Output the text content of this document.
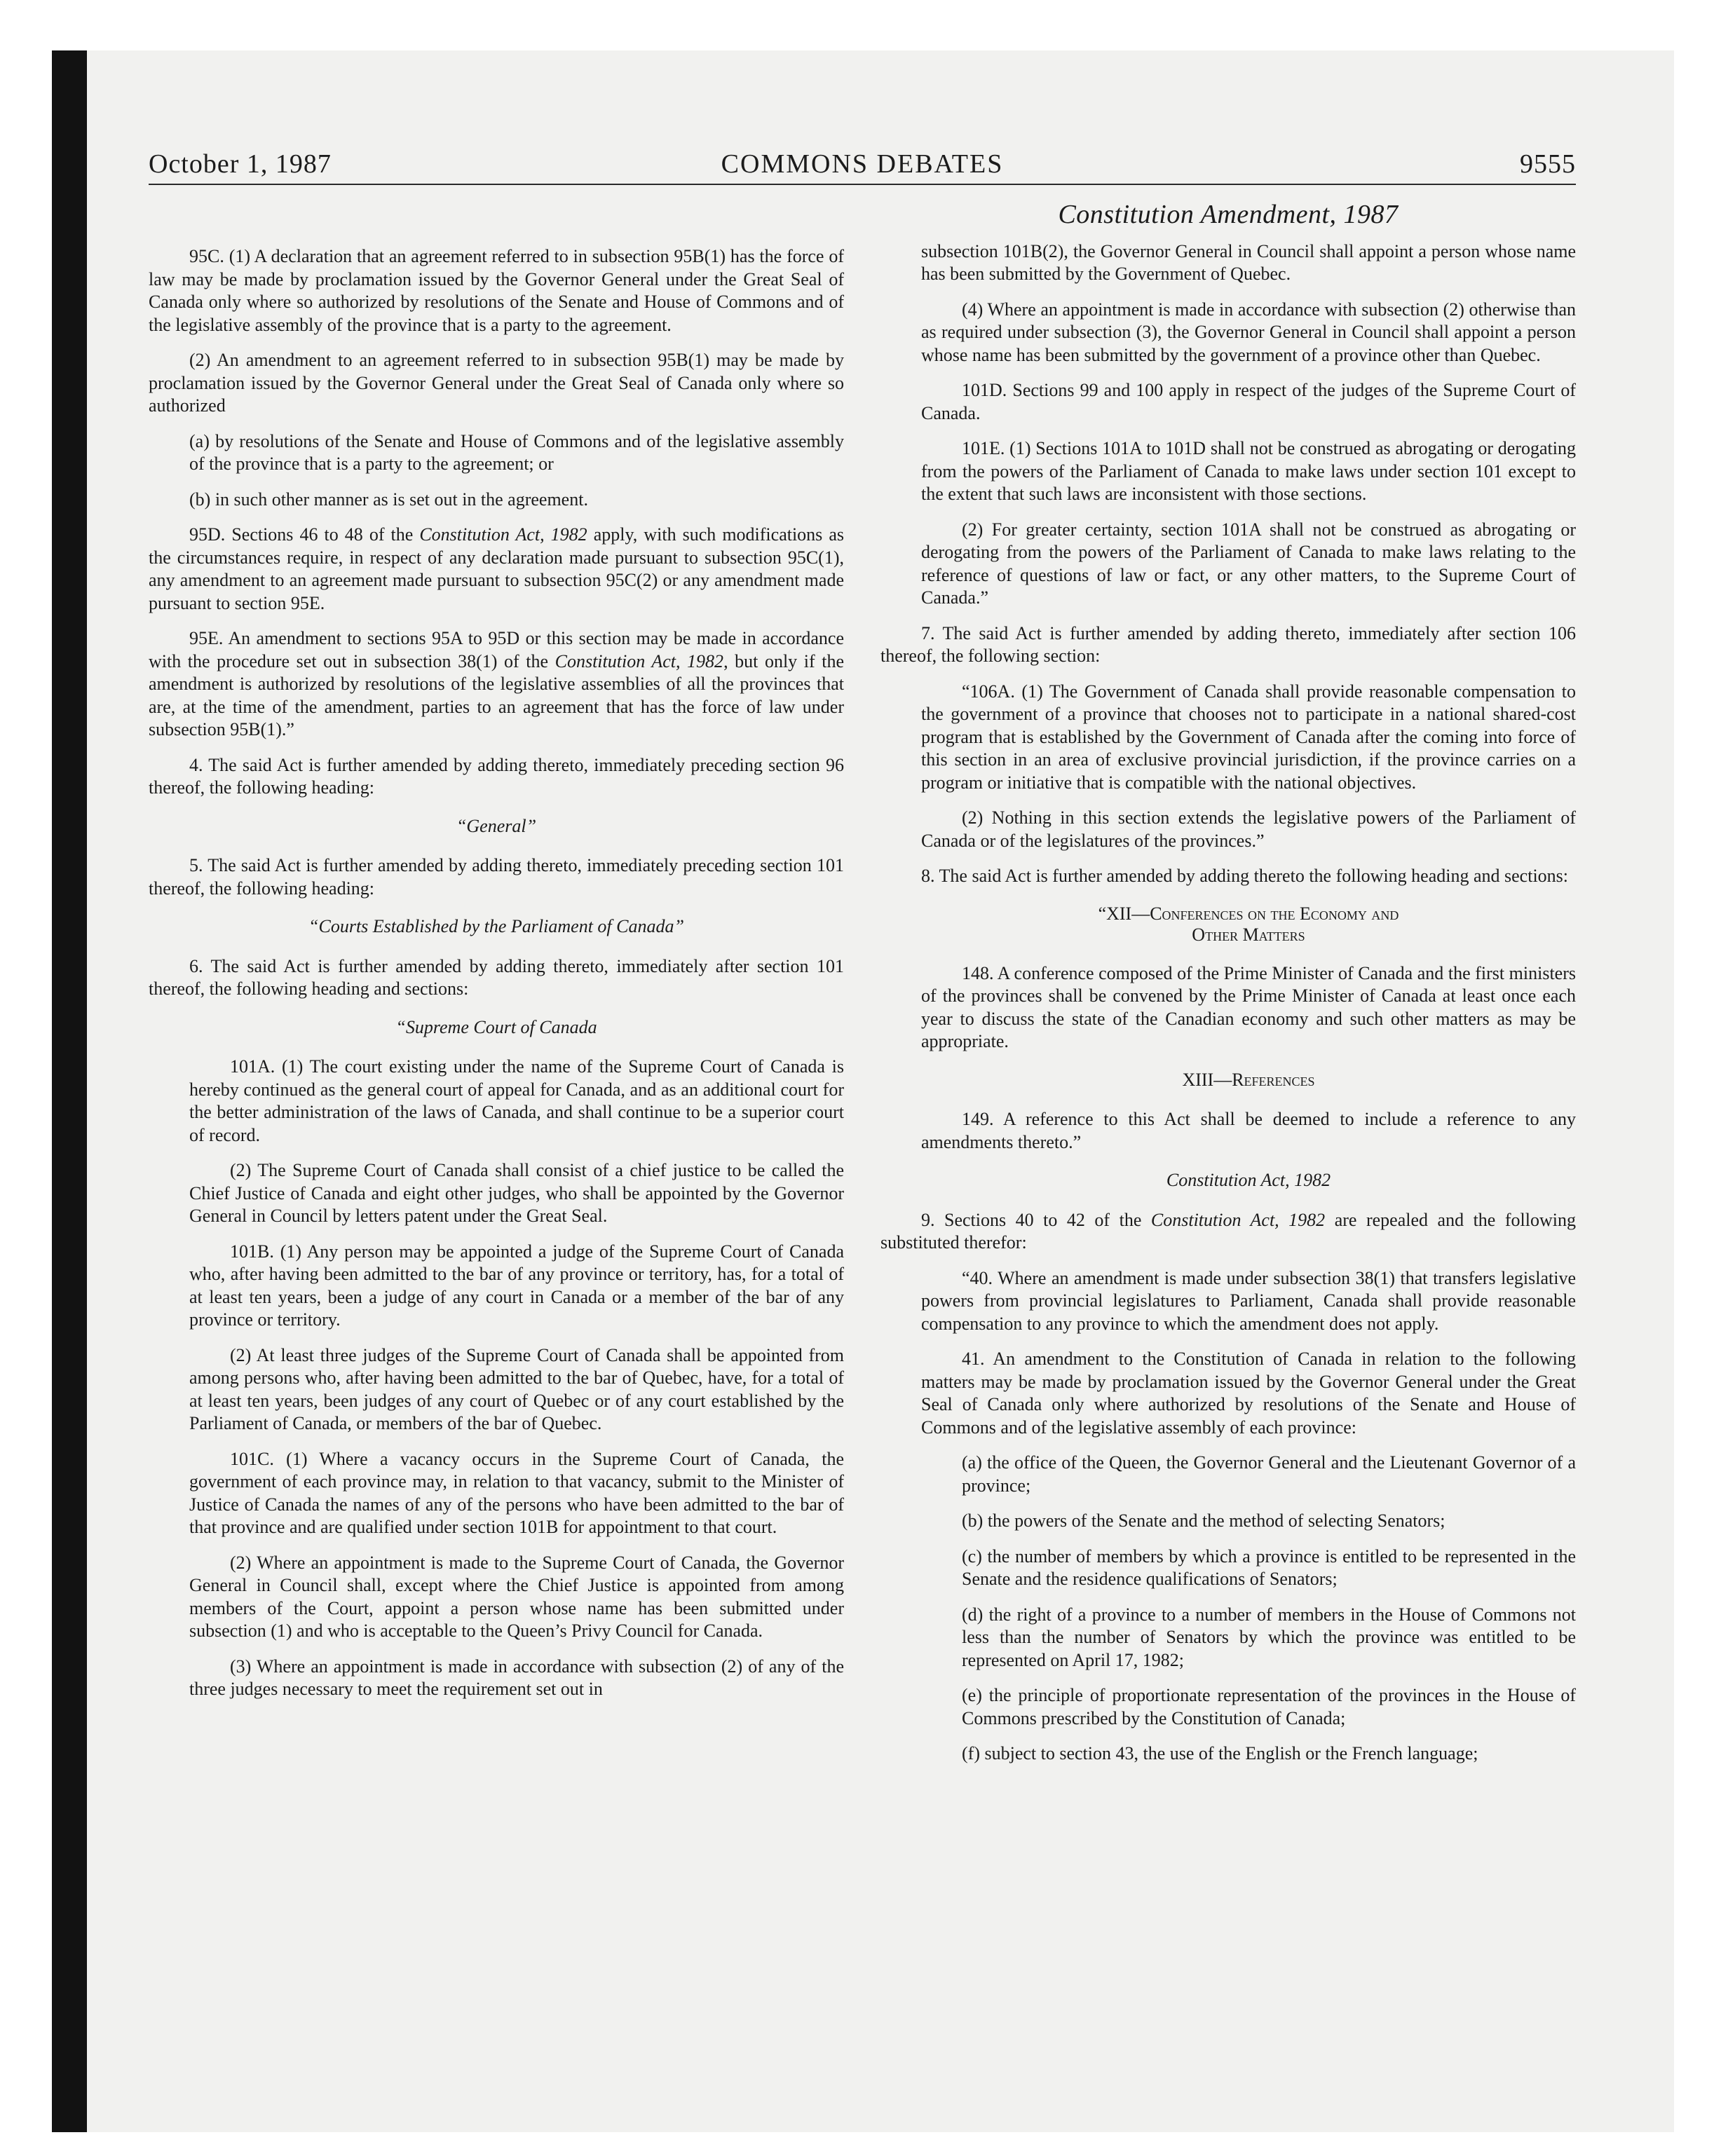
October 1, 1987	COMMONS DEBATES	9555

95C. (1) A declaration that an agreement referred to in subsection 95B(1) has the force of law may be made by proclamation issued by the Governor General under the Great Seal of Canada only where so authorized by resolutions of the Senate and House of Commons and of the legislative assembly of the province that is a party to the agreement.

(2) An amendment to an agreement referred to in subsection 95B(1) may be made by proclamation issued by the Governor General under the Great Seal of Canada only where so authorized

(a) by resolutions of the Senate and House of Commons and of the legislative assembly of the province that is a party to the agreement; or

(b) in such other manner as is set out in the agreement.

95D. Sections 46 to 48 of the Constitution Act, 1982 apply, with such modifications as the circumstances require, in respect of any declaration made pursuant to subsection 95C(1), any amendment to an agreement made pursuant to subsection 95C(2) or any amendment made pursuant to section 95E.

95E. An amendment to sections 95A to 95D or this section may be made in accordance with the procedure set out in subsection 38(1) of the Constitution Act, 1982, but only if the amendment is authorized by resolutions of the legislative assemblies of all the provinces that are, at the time of the amendment, parties to an agreement that has the force of law under subsection 95B(1).”

4. The said Act is further amended by adding thereto, immediately preceding section 96 thereof, the following heading:

“General”

5. The said Act is further amended by adding thereto, immediately preceding section 101 thereof, the following heading:

“Courts Established by the Parliament of Canada”

6. The said Act is further amended by adding thereto, immediately after section 101 thereof, the following heading and sections:

“Supreme Court of Canada

101A. (1) The court existing under the name of the Supreme Court of Canada is hereby continued as the general court of appeal for Canada, and as an additional court for the better administration of the laws of Canada, and shall continue to be a superior court of record.

(2) The Supreme Court of Canada shall consist of a chief justice to be called the Chief Justice of Canada and eight other judges, who shall be appointed by the Governor General in Council by letters patent under the Great Seal.

101B. (1) Any person may be appointed a judge of the Supreme Court of Canada who, after having been admitted to the bar of any province or territory, has, for a total of at least ten years, been a judge of any court in Canada or a member of the bar of any province or territory.

(2) At least three judges of the Supreme Court of Canada shall be appointed from among persons who, after having been admitted to the bar of Quebec, have, for a total of at least ten years, been judges of any court of Quebec or of any court established by the Parliament of Canada, or members of the bar of Quebec.

101C. (1) Where a vacancy occurs in the Supreme Court of Canada, the government of each province may, in relation to that vacancy, submit to the Minister of Justice of Canada the names of any of the persons who have been admitted to the bar of that province and are qualified under section 101B for appointment to that court.

(2) Where an appointment is made to the Supreme Court of Canada, the Governor General in Council shall, except where the Chief Justice is appointed from among members of the Court, appoint a person whose name has been submitted under subsection (1) and who is acceptable to the Queen’s Privy Council for Canada.

(3) Where an appointment is made in accordance with subsection (2) of any of the three judges necessary to meet the requirement set out in

Constitution Amendment, 1987

subsection 101B(2), the Governor General in Council shall appoint a person whose name has been submitted by the Government of Quebec.

(4) Where an appointment is made in accordance with subsection (2) otherwise than as required under subsection (3), the Governor General in Council shall appoint a person whose name has been submitted by the government of a province other than Quebec.

101D. Sections 99 and 100 apply in respect of the judges of the Supreme Court of Canada.

101E. (1) Sections 101A to 101D shall not be construed as abrogating or derogating from the powers of the Parliament of Canada to make laws under section 101 except to the extent that such laws are inconsistent with those sections.

(2) For greater certainty, section 101A shall not be construed as abrogating or derogating from the powers of the Parliament of Canada to make laws relating to the reference of questions of law or fact, or any other matters, to the Supreme Court of Canada.”

7. The said Act is further amended by adding thereto, immediately after section 106 thereof, the following section:

“106A. (1) The Government of Canada shall provide reasonable compensation to the government of a province that chooses not to participate in a national shared-cost program that is established by the Government of Canada after the coming into force of this section in an area of exclusive provincial jurisdiction, if the province carries on a program or initiative that is compatible with the national objectives.

(2) Nothing in this section extends the legislative powers of the Parliament of Canada or of the legislatures of the provinces.”

8. The said Act is further amended by adding thereto the following heading and sections:

“XII—Conferences on the Economy and
Other Matters

148. A conference composed of the Prime Minister of Canada and the first ministers of the provinces shall be convened by the Prime Minister of Canada at least once each year to discuss the state of the Canadian economy and such other matters as may be appropriate.

XIII—References

149. A reference to this Act shall be deemed to include a reference to any amendments thereto.”

Constitution Act, 1982

9. Sections 40 to 42 of the Constitution Act, 1982 are repealed and the following substituted therefor:

“40. Where an amendment is made under subsection 38(1) that transfers legislative powers from provincial legislatures to Parliament, Canada shall provide reasonable compensation to any province to which the amendment does not apply.

41. An amendment to the Constitution of Canada in relation to the following matters may be made by proclamation issued by the Governor General under the Great Seal of Canada only where authorized by resolutions of the Senate and House of Commons and of the legislative assembly of each province:

(a) the office of the Queen, the Governor General and the Lieutenant Governor of a province;

(b) the powers of the Senate and the method of selecting Senators;

(c) the number of members by which a province is entitled to be represented in the Senate and the residence qualifications of Senators;

(d) the right of a province to a number of members in the House of Commons not less than the number of Senators by which the province was entitled to be represented on April 17, 1982;

(e) the principle of proportionate representation of the provinces in the House of Commons prescribed by the Constitution of Canada;

(f) subject to section 43, the use of the English or the French language;
